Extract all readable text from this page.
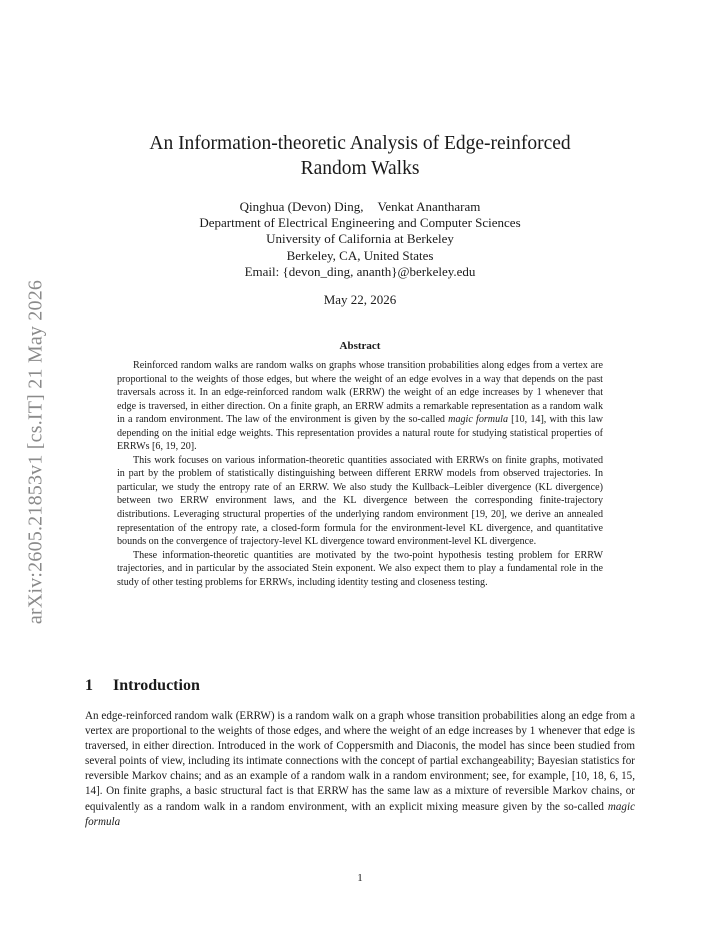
arXiv:2605.21853v1 [cs.IT] 21 May 2026
An Information-theoretic Analysis of Edge-reinforced
Random Walks
Qinghua (Devon) Ding, Venkat Anantharam
Department of Electrical Engineering and Computer Sciences
University of California at Berkeley
Berkeley, CA, United States
Email: {devon_ding, ananth}@berkeley.edu
May 22, 2026
Abstract

Reinforced random walks are random walks on graphs whose transition probabilities along edges from a vertex are proportional to the weights of those edges, but where the weight of an edge evolves in a way that depends on the past traversals across it. In an edge-reinforced random walk (ERRW) the weight of an edge increases by 1 whenever that edge is traversed, in either direction. On a finite graph, an ERRW admits a remarkable representation as a random walk in a random environment. The law of the environment is given by the so-called magic formula [10, 14], with this law depending on the initial edge weights. This representation provides a natural route for studying statistical properties of ERRWs [6, 19, 20].

This work focuses on various information-theoretic quantities associated with ERRWs on finite graphs, motivated in part by the problem of statistically distinguishing between different ERRW models from observed trajectories. In particular, we study the entropy rate of an ERRW. We also study the Kullback–Leibler divergence (KL divergence) between two ERRW environment laws, and the KL divergence between the corresponding finite-trajectory distributions. Leveraging structural properties of the underlying random environment [19, 20], we derive an annealed representation of the entropy rate, a closed-form formula for the environment-level KL divergence, and quantitative bounds on the convergence of trajectory-level KL divergence toward environment-level KL divergence.

These information-theoretic quantities are motivated by the two-point hypothesis testing problem for ERRW trajectories, and in particular by the associated Stein exponent. We also expect them to play a fundamental role in the study of other testing problems for ERRWs, including identity testing and closeness testing.

1 Introduction

An edge-reinforced random walk (ERRW) is a random walk on a graph whose transition probabilities along an edge from a vertex are proportional to the weights of those edges, and where the weight of an edge increases by 1 whenever that edge is traversed, in either direction. Introduced in the work of Coppersmith and Diaconis, the model has since been studied from several points of view, including its intimate connections with the concept of partial exchangeability; Bayesian statistics for reversible Markov chains; and as an example of a random walk in a random environment; see, for example, [10, 18, 6, 15, 14]. On finite graphs, a basic structural fact is that ERRW has the same law as a mixture of reversible Markov chains, or equivalently as a random walk in a random environment, with an explicit mixing measure given by the so-called magic formula

1
